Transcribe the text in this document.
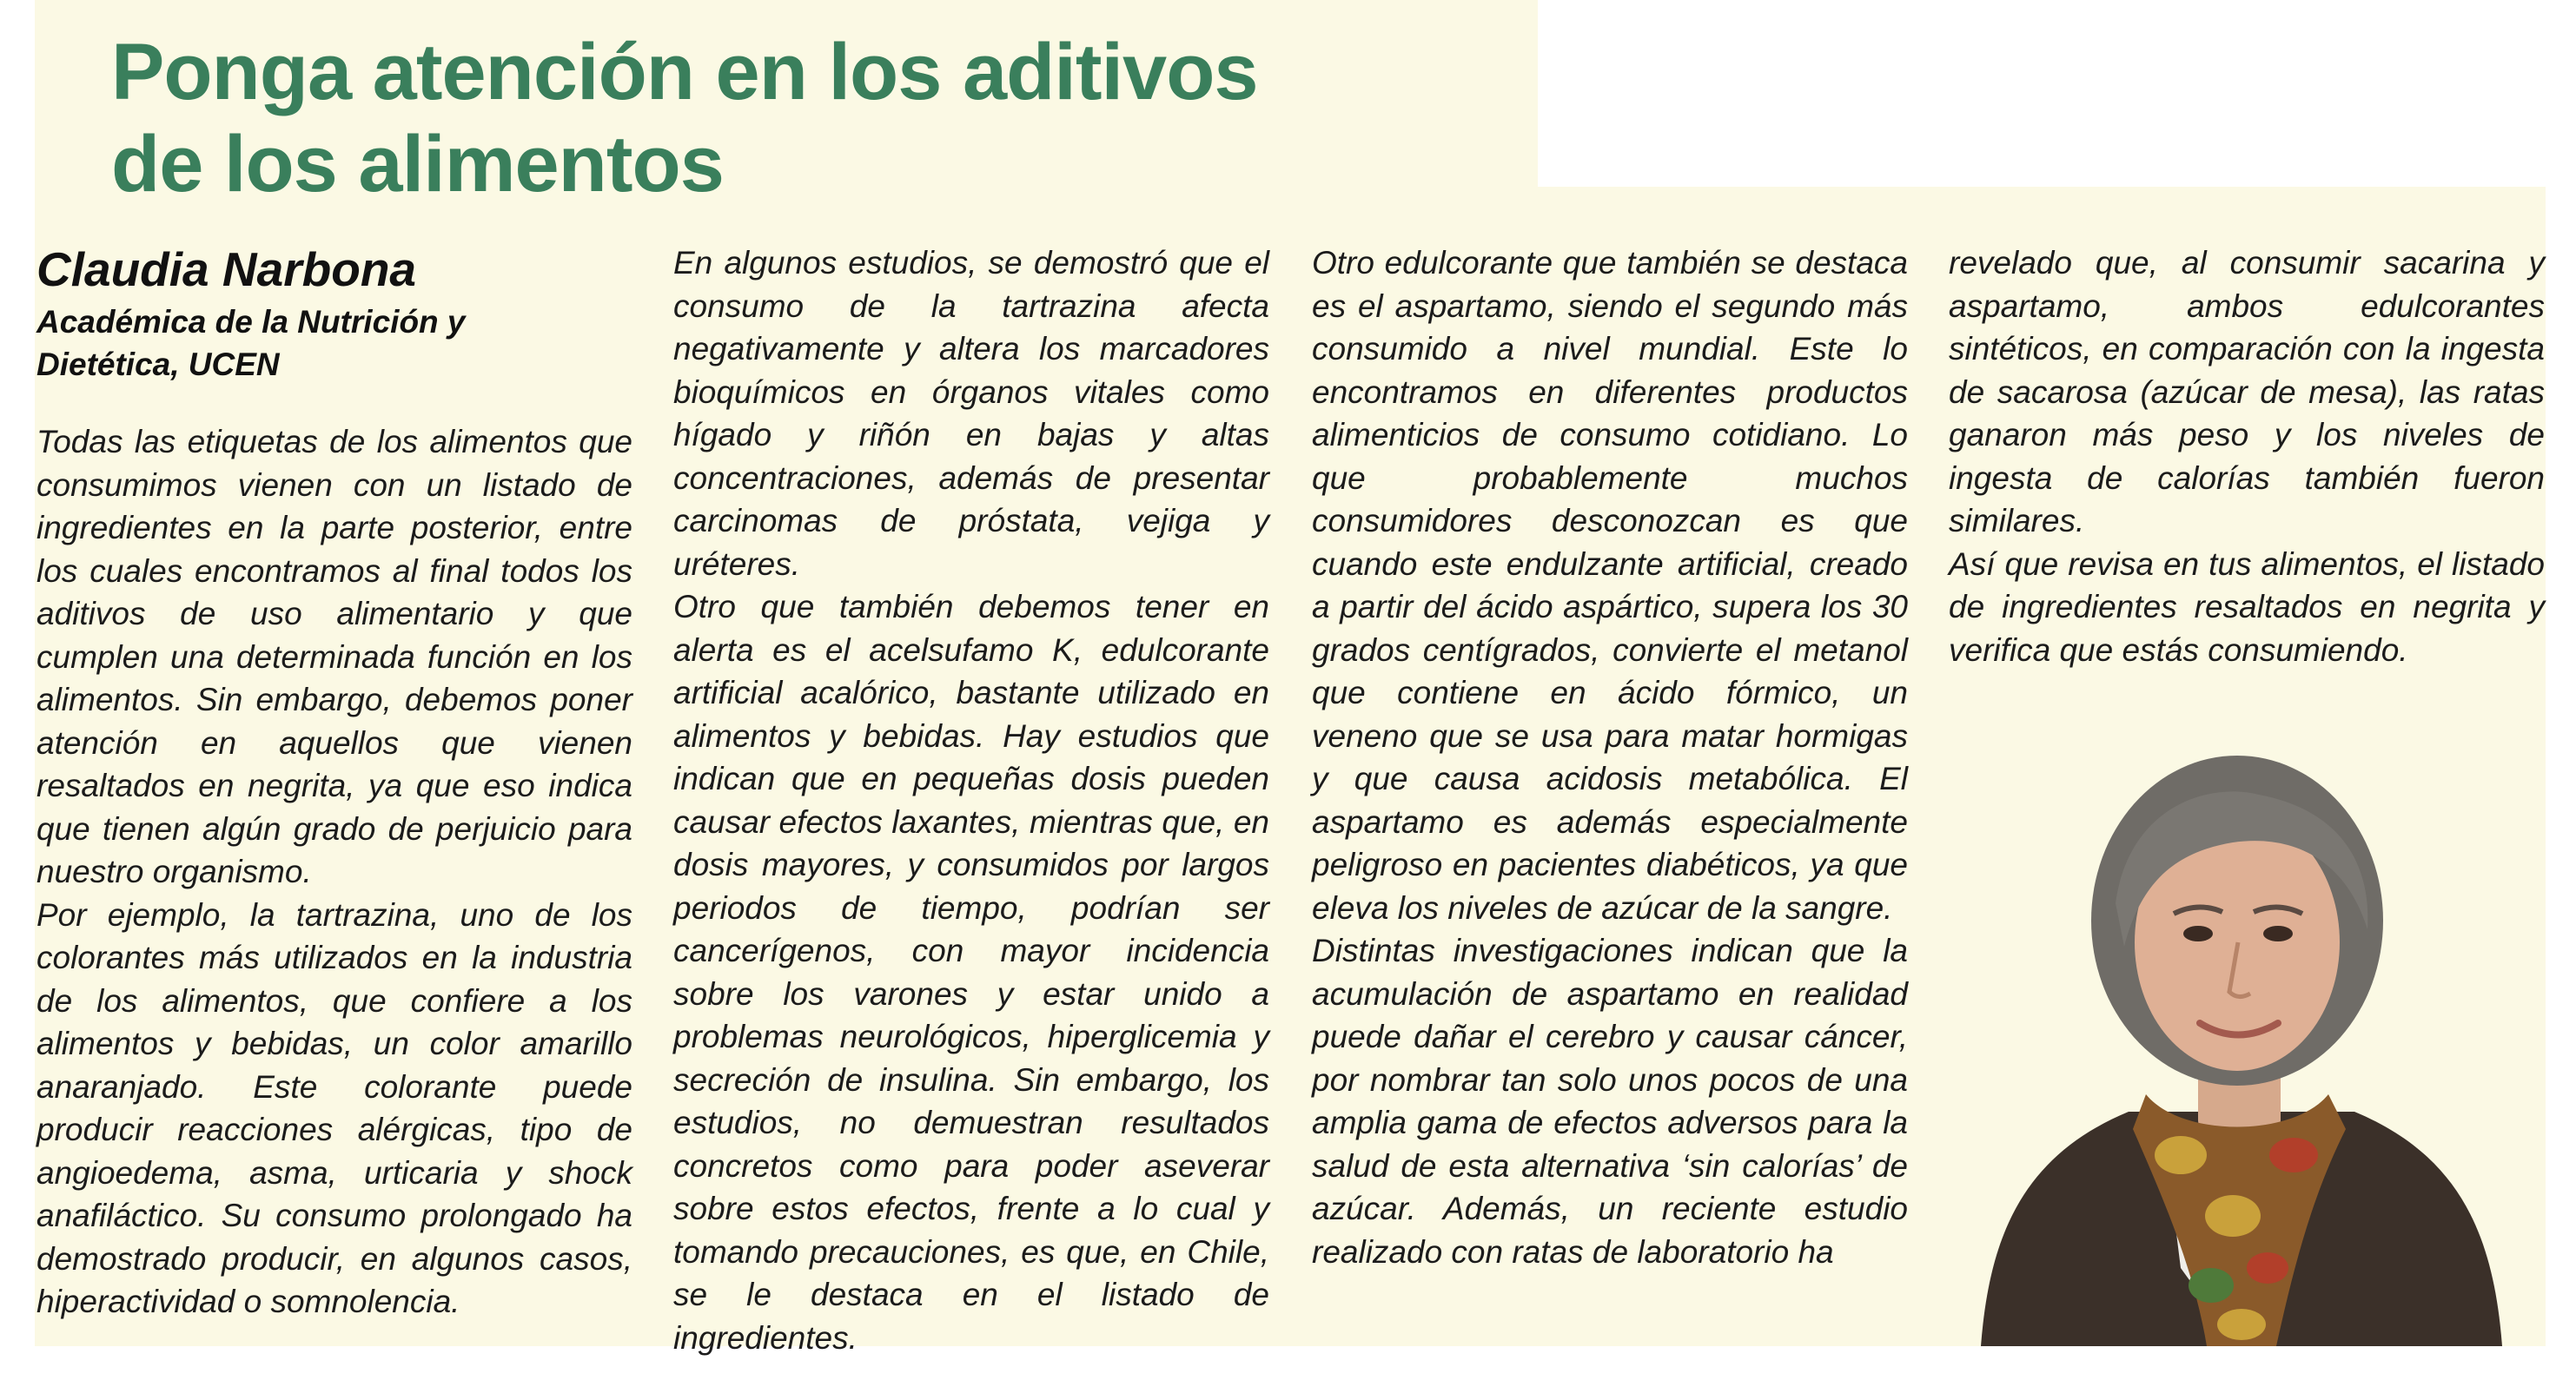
Ponga atención en los aditivos
de los alimentos

Claudia Narbona

Académica de la Nutrición y
Dietética, UCEN

Todas las etiquetas de los alimentos que consumimos vienen con un listado de ingredientes en la parte posterior, entre los cuales encontramos al final todos los aditivos de uso alimentario y que cumplen una determinada función en los alimentos. Sin embargo, debemos poner atención en aquellos que vienen resaltados en negrita, ya que eso indica que tienen algún grado de perjuicio para nuestro organismo.

Por ejemplo, la tartrazina, uno de los colorantes más utilizados en la industria de los alimentos, que confiere a los alimentos y bebidas, un color amarillo anaranjado. Este colorante puede producir reacciones alérgicas, tipo de angioedema, asma, urticaria y shock anafiláctico. Su consumo prolongado ha demostrado producir, en algunos casos, hiperactividad o somnolencia.

En algunos estudios, se demostró que el consumo de la tartrazina afecta negativamente y altera los marcadores bioquímicos en órganos vitales como hígado y riñón en bajas y altas concentraciones, además de presentar carcinomas de próstata, vejiga y uréteres.

Otro que también debemos tener en alerta es el acelsufamo K, edulcorante artificial acalórico, bastante utilizado en alimentos y bebidas. Hay estudios que indican que en pequeñas dosis pueden causar efectos laxantes, mientras que, en dosis mayores, y consumidos por largos periodos de tiempo, podrían ser cancerígenos, con mayor incidencia sobre los varones y estar unido a problemas neurológicos, hiperglicemia y secreción de insulina. Sin embargo, los estudios, no demuestran resultados concretos como para poder aseverar sobre estos efectos, frente a lo cual y tomando precauciones, es que, en Chile, se le destaca en el listado de ingredientes.

Otro edulcorante que también se destaca es el aspartamo, siendo el segundo más consumido a nivel mundial. Este lo encontramos en diferentes productos alimenticios de consumo cotidiano. Lo que probablemente muchos consumidores desconozcan es que cuando este endulzante artificial, creado a partir del ácido aspártico, supera los 30 grados centígrados, convierte el metanol que contiene en ácido fórmico, un veneno que se usa para matar hormigas y que causa acidosis metabólica. El aspartamo es además especialmente peligroso en pacientes diabéticos, ya que eleva los niveles de azúcar de la sangre.

Distintas investigaciones indican que la acumulación de aspartamo en realidad puede dañar el cerebro y causar cáncer, por nombrar tan solo unos pocos de una amplia gama de efectos adversos para la salud de esta alternativa ‘sin calorías’ de azúcar. Además, un reciente estudio realizado con ratas de laboratorio ha

revelado que, al consumir sacarina y aspartamo, ambos edulcorantes sintéticos, en comparación con la ingesta de sacarosa (azúcar de mesa), las ratas ganaron más peso y los niveles de ingesta de calorías también fueron similares.

Así que revisa en tus alimentos, el listado de ingredientes resaltados en negrita y verifica que estás consumiendo.
